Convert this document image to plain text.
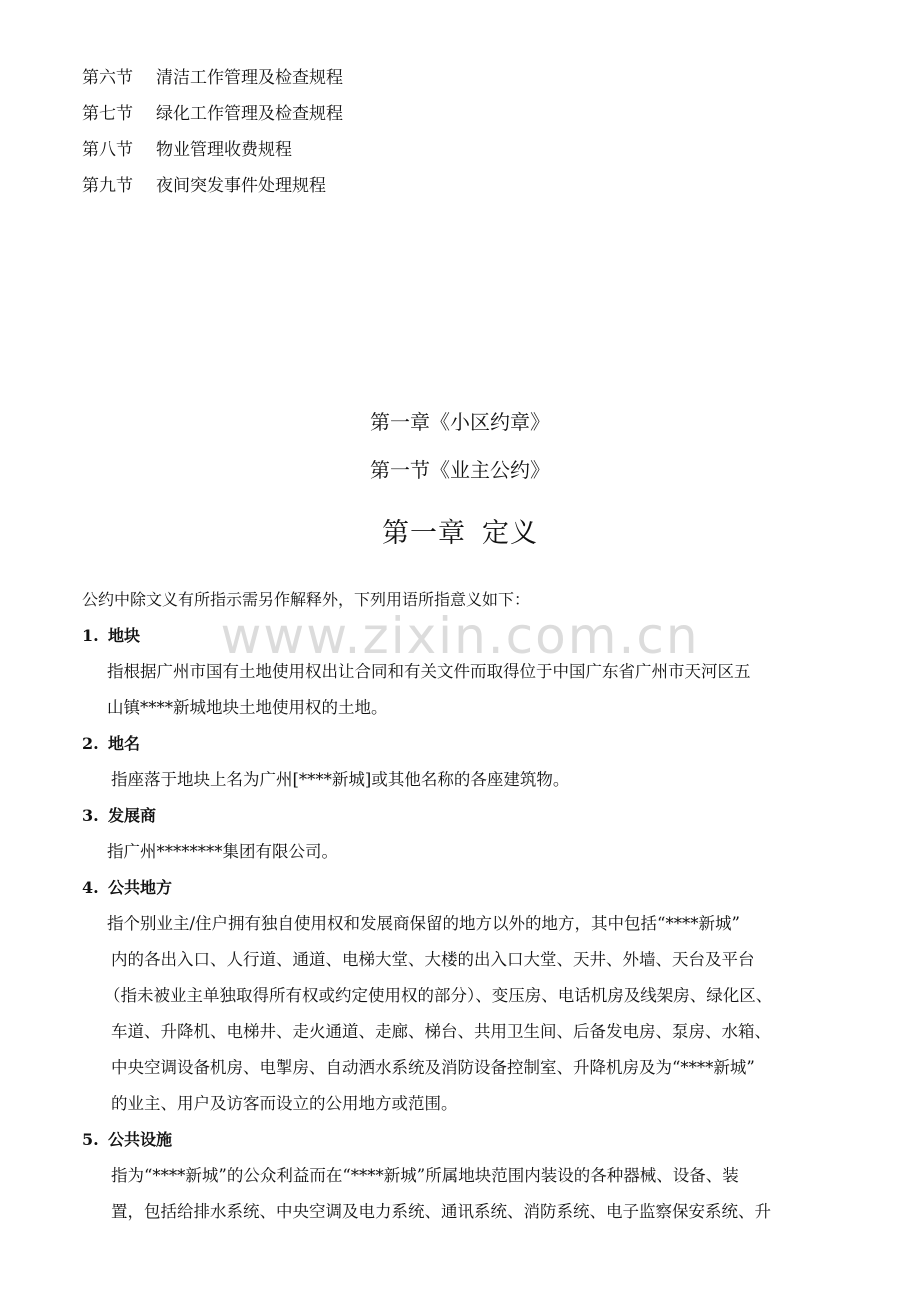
第六节 清洁工作管理及检查规程
第七节 绿化工作管理及检查规程
第八节 物业管理收费规程
第九节 夜间突发事件处理规程
第一章《小区约章》
第一节《业主公约》
第一章 定义
www.zixin.com.cn
公约中除文义有所指示需另作解释外，下列用语所指意义如下：
1. 地块
指根据广州市国有土地使用权出让合同和有关文件而取得位于中国广东省广州市天河区五
山镇****新城地块土地使用权的土地。
2. 地名
指座落于地块上名为广州[****新城]或其他名称的各座建筑物。
3. 发展商
指广州********集团有限公司。
4. 公共地方
指个别业主/住户拥有独自使用权和发展商保留的地方以外的地方，其中包括“****新城”
内的各出入口、人行道、通道、电梯大堂、大楼的出入口大堂、天井、外墙、天台及平台
（指未被业主单独取得所有权或约定使用权的部分）、变压房、电话机房及线架房、绿化区、
车道、升降机、电梯井、走火通道、走廊、梯台、共用卫生间、后备发电房、泵房、水箱、
中央空调设备机房、电掣房、自动洒水系统及消防设备控制室、升降机房及为“****新城”
的业主、用户及访客而设立的公用地方或范围。
5. 公共设施
指为“****新城”的公众利益而在“****新城”所属地块范围内装设的各种器械、设备、装
置，包括给排水系统、中央空调及电力系统、通讯系统、消防系统、电子监察保安系统、升
